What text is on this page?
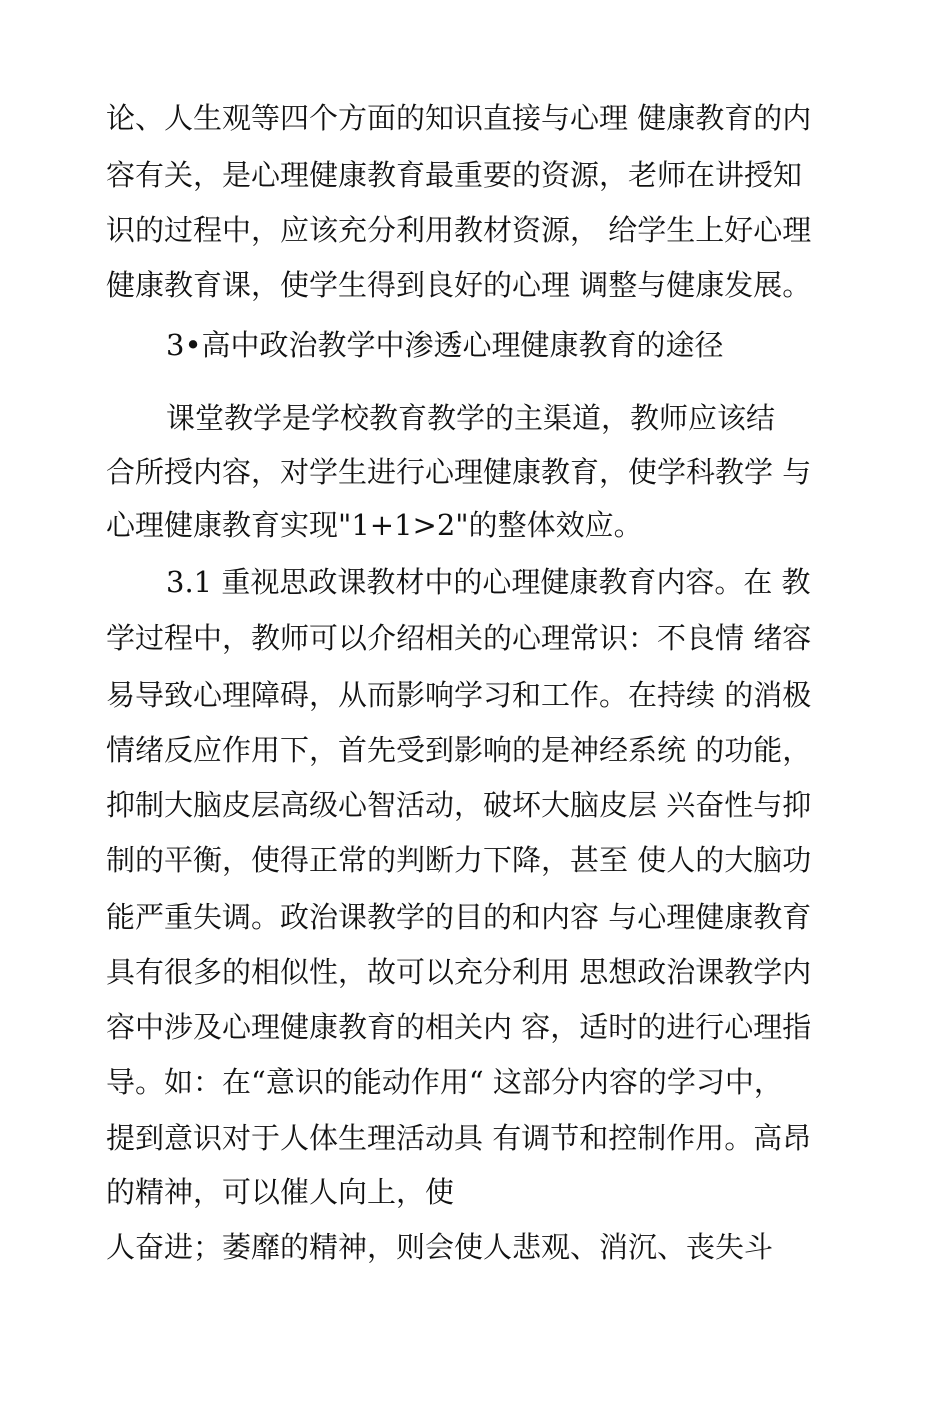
论、人生观等四个方面的知识直接与心理 健康教育的内
容有关，是心理健康教育最重要的资源，老师在讲授知
识的过程中，应该充分利用教材资源， 给学生上好心理
健康教育课，使学生得到良好的心理 调整与健康发展。
3•高中政治教学中渗透心理健康教育的途径
课堂教学是学校教育教学的主渠道，教师应该结
合所授内容，对学生进行心理健康教育，使学科教学 与
心理健康教育实现"1+1>2"的整体效应。
3.1 重视思政课教材中的心理健康教育内容。在 教
学过程中，教师可以介绍相关的心理常识：不良情 绪容
易导致心理障碍，从而影响学习和工作。在持续 的消极
情绪反应作用下，首先受到影响的是神经系统 的功能，
抑制大脑皮层高级心智活动，破坏大脑皮层 兴奋性与抑
制的平衡，使得正常的判断力下降，甚至 使人的大脑功
能严重失调。政治课教学的目的和内容 与心理健康教育
具有很多的相似性，故可以充分利用 思想政治课教学内
容中涉及心理健康教育的相关内 容，适时的进行心理指
导。如：在“意识的能动作用“ 这部分内容的学习中，
提到意识对于人体生理活动具 有调节和控制作用。高昂
的精神，可以催人向上，使
人奋进；萎靡的精神，则会使人悲观、消沉、丧失斗
